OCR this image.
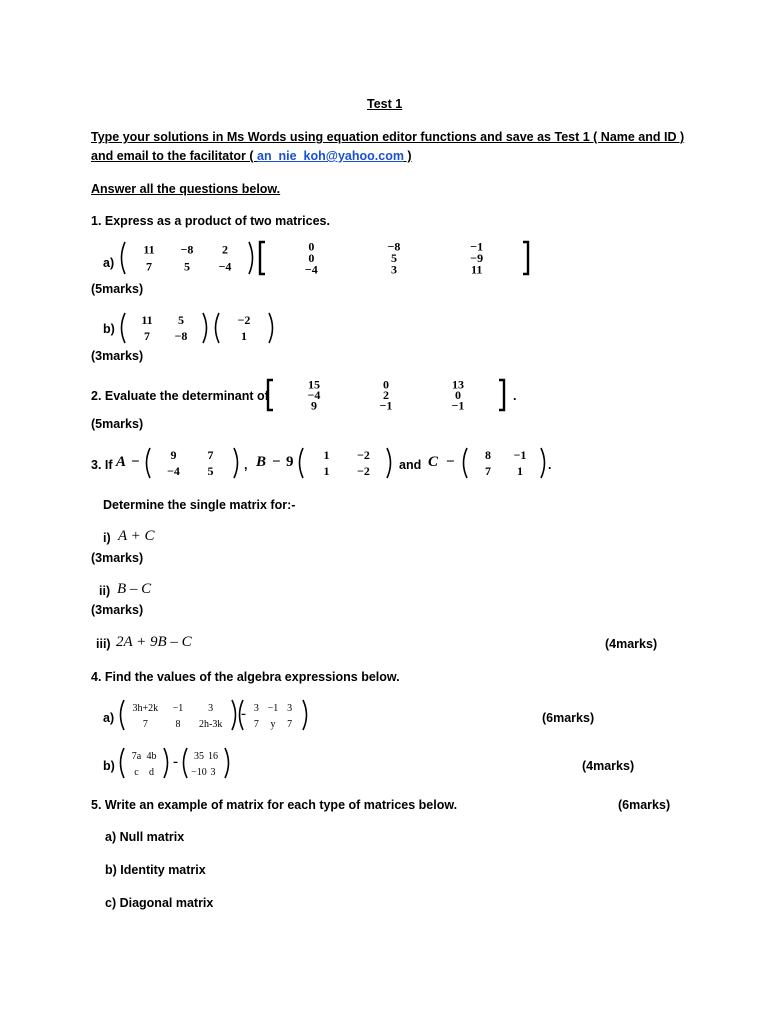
Test 1
Type your solutions in Ms Words using equation editor functions and save as Test 1 ( Name and ID )
and email to the facilitator ( an_nie_koh@yahoo.com )
Answer all the questions below.
1. Express as a product of two matrices.
a)
11 −8 2
7	5 −4
0	−8	−1
0	5	−9
−4	3	11
(5marks)
b)
11 5
7 −8
−2
1
(3marks)
2. Evaluate the determinant of
15	0	13
−4	2	0
9	−1	−1
.
(5marks)
3. If A −	9	7
−4 5 , B − 9	1 −2
1 −2 and C −	8 −1
7 1 .
Determine the single matrix for:-
i) A + C
(3marks)
ii) B – C
(3marks)
iii) 2A + 9B – C	(4marks)
4. Find the values of the algebra expressions below.
a)
3h+2k −1 3
7	8 2h-3k
- 3 −1 3
7 y 7	(6marks)
b)
7a 4b
c d
- 35 16
−10 3	(4marks)
5. Write an example of matrix for each type of matrices below.	(6marks)
a) Null matrix
b) Identity matrix
c) Diagonal matrix
